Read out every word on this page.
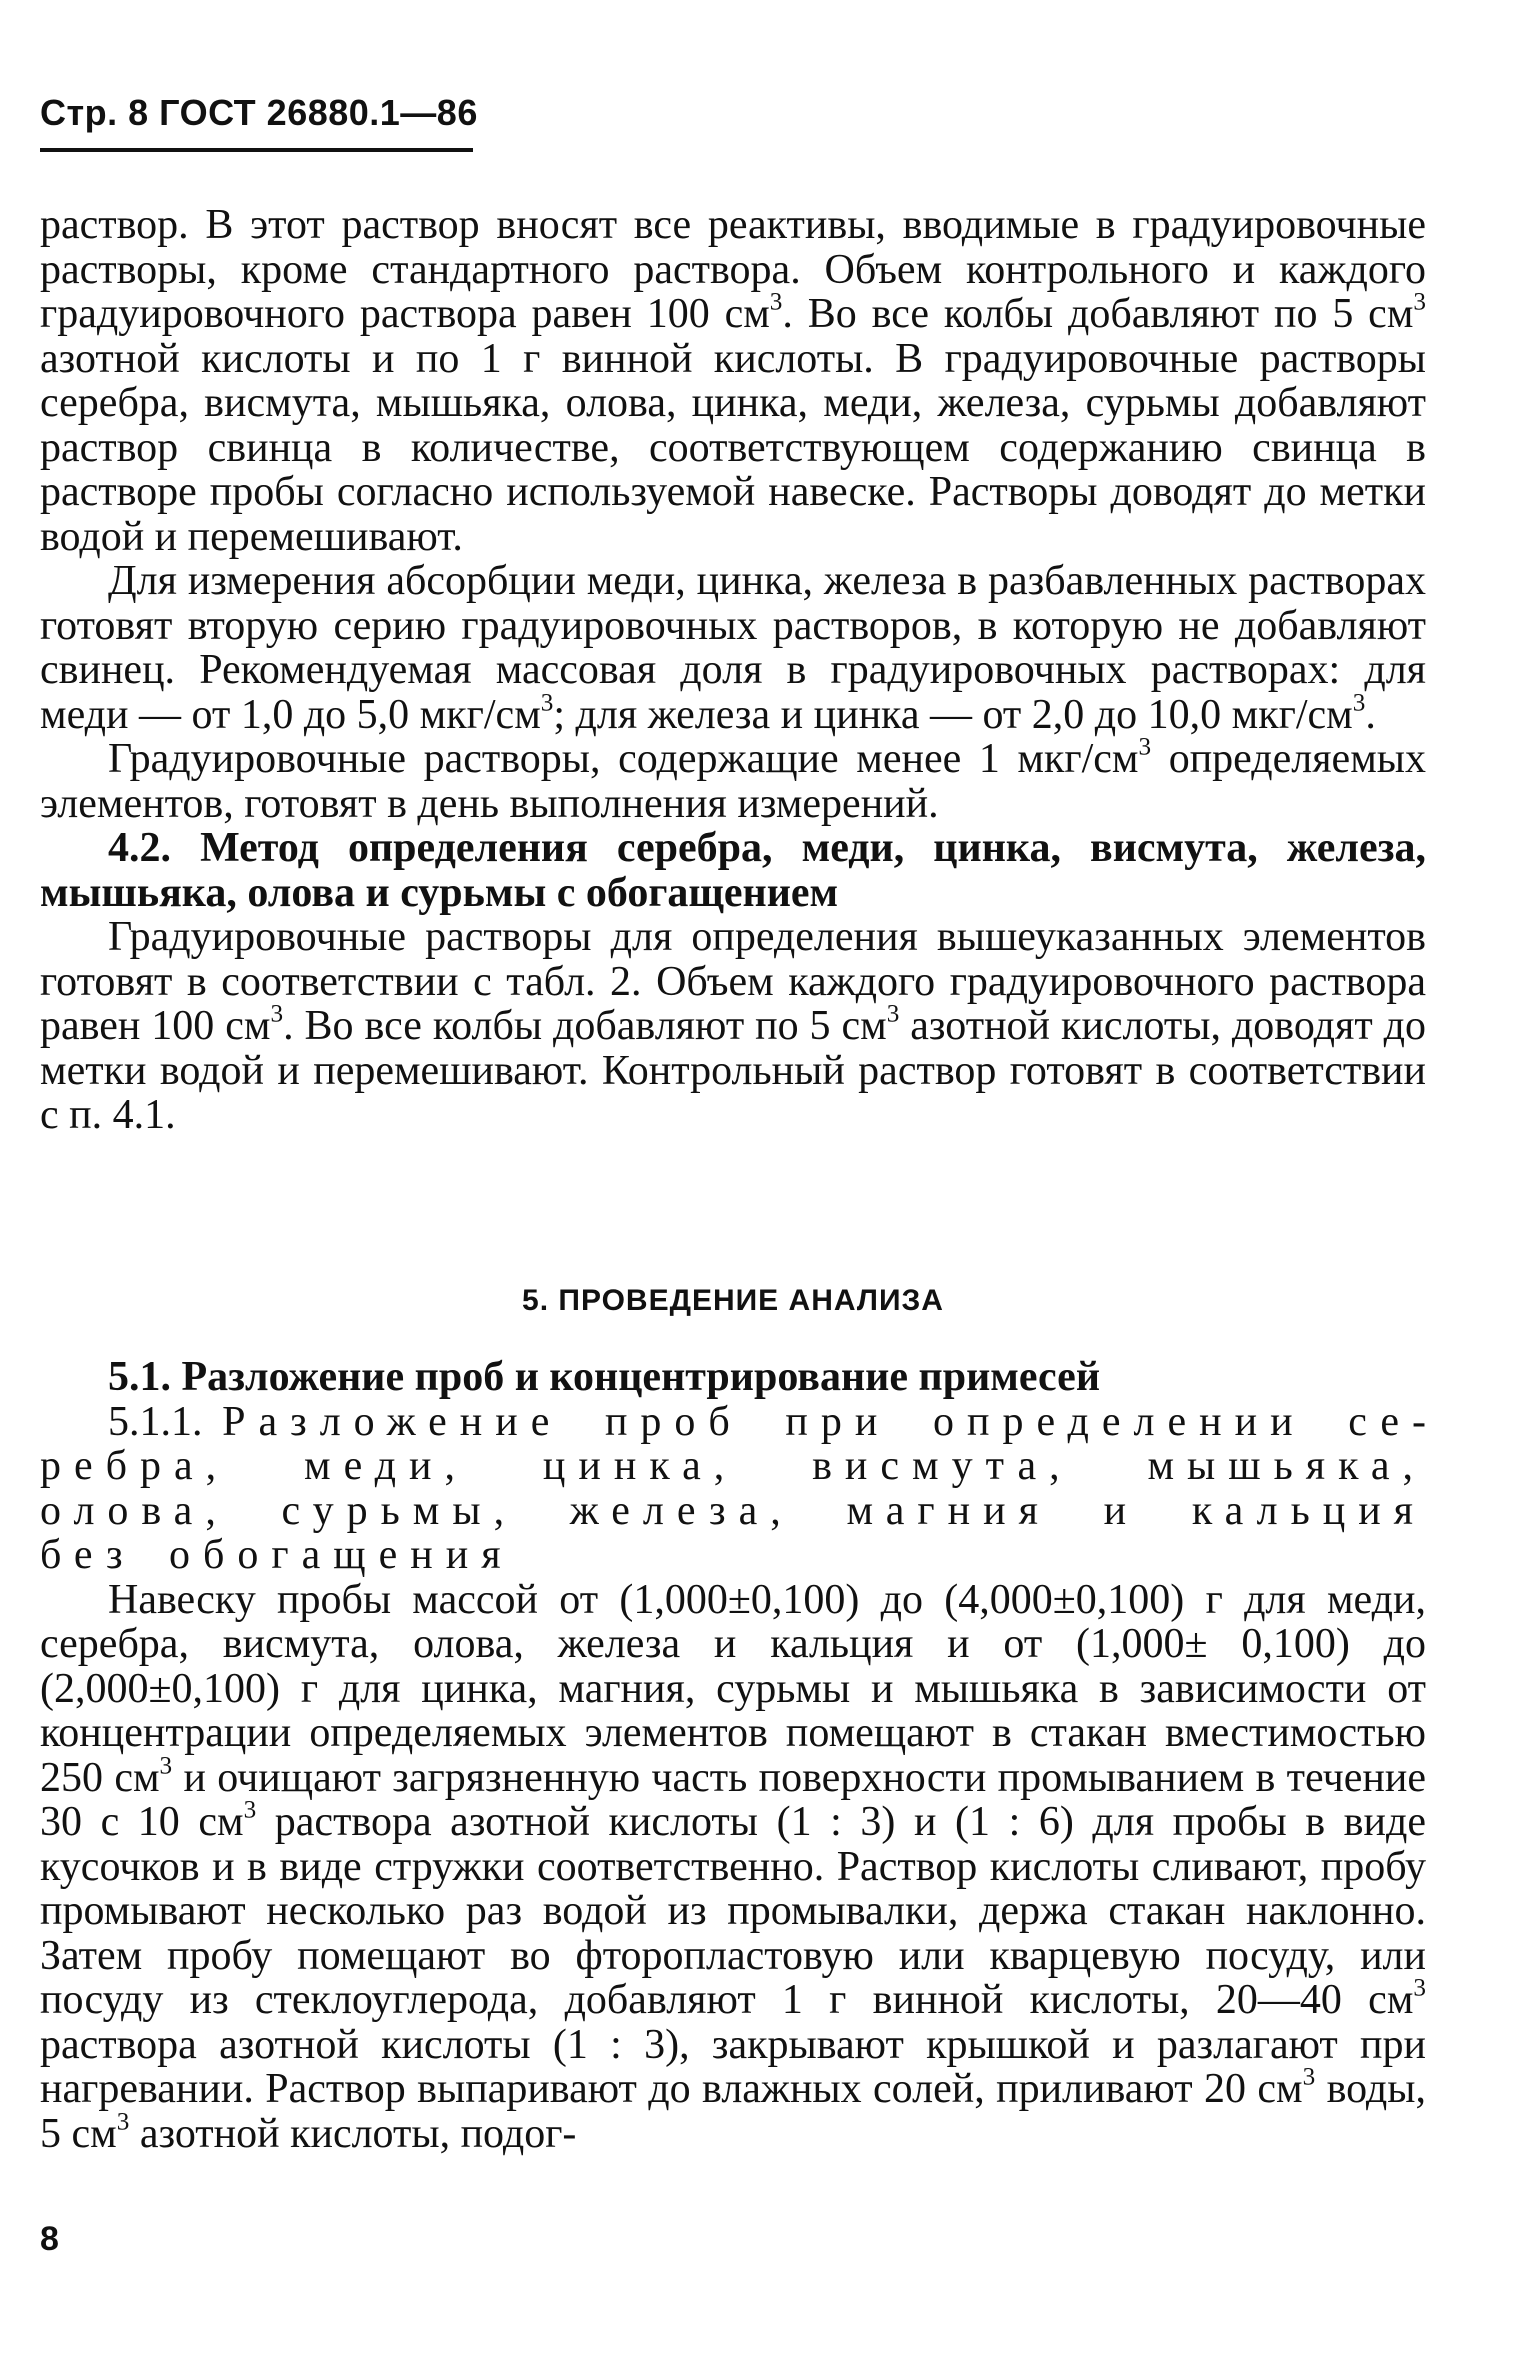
Стр. 8 ГОСТ 26880.1—86

раствор. В этот раствор вносят все реактивы, вводимые в градуировочные растворы, кроме стандартного раствора. Объем контрольного и каждого градуировочного раствора равен 100 $см^3$. Во все колбы добавляют по 5 $см^3$ азотной кислоты и по 1 г винной кислоты. В градуировочные растворы серебра, висмута, мышьяка, олова, цинка, меди, железа, сурьмы добавляют раствор свинца в количестве, соответствующем содержанию свинца в растворе пробы согласно используемой навеске. Растворы доводят до метки водой и перемешивают.

Для измерения абсорбции меди, цинка, железа в разбавленных растворах готовят вторую серию градуировочных растворов, в которую не добавляют свинец. Рекомендуемая массовая доля в градуировочных растворах: для меди — от 1,0 до 5,0 мкг/$см^3$; для железа и цинка — от 2,0 до 10,0 мкг/$см^3$.

Градуировочные растворы, содержащие менее 1 мкг/$см^3$ определяемых элементов, готовят в день выполнения измерений.

4.2. Метод определения серебра, меди, цинка, висмута, железа, мышьяка, олова и сурьмы с обогащением

Градуировочные растворы для определения вышеуказанных элементов готовят в соответствии с табл. 2. Объем каждого градуировочного раствора равен 100 $см^3$. Во все колбы добавляют по 5 $см^3$ азотной кислоты, доводят до метки водой и перемешивают. Контрольный раствор готовят в соответствии с п. 4.1.

5. ПРОВЕДЕНИЕ АНАЛИЗА

5.1. Разложение проб и концентрирование примесей

5.1.1. Разложение проб при определении серебра, меди, цинка, висмута, мышьяка, олова, сурьмы, железа, магния и кальция без обогащения

Навеску пробы массой от (1,000±0,100) до (4,000±0,100) г для меди, серебра, висмута, олова, железа и кальция и от (1,000± 0,100) до (2,000±0,100) г для цинка, магния, сурьмы и мышьяка в зависимости от концентрации определяемых элементов помещают в стакан вместимостью 250 $см^3$ и очищают загрязненную часть поверхности промыванием в течение 30 с 10 $см^3$ раствора азотной кислоты (1 : 3) и (1 : 6) для пробы в виде кусочков и в виде стружки соответственно. Раствор кислоты сливают, пробу промывают несколько раз водой из промывалки, держа стакан наклонно. Затем пробу помещают во фторопластовую или кварцевую посуду, или посуду из стеклоуглерода, добавляют 1 г винной кислоты, 20—40 $см^3$ раствора азотной кислоты (1 : 3), закрывают крышкой и разлагают при нагревании. Раствор выпаривают до влажных солей, приливают 20 $см^3$ воды, 5 $см^3$ азотной кислоты, подог-

8
